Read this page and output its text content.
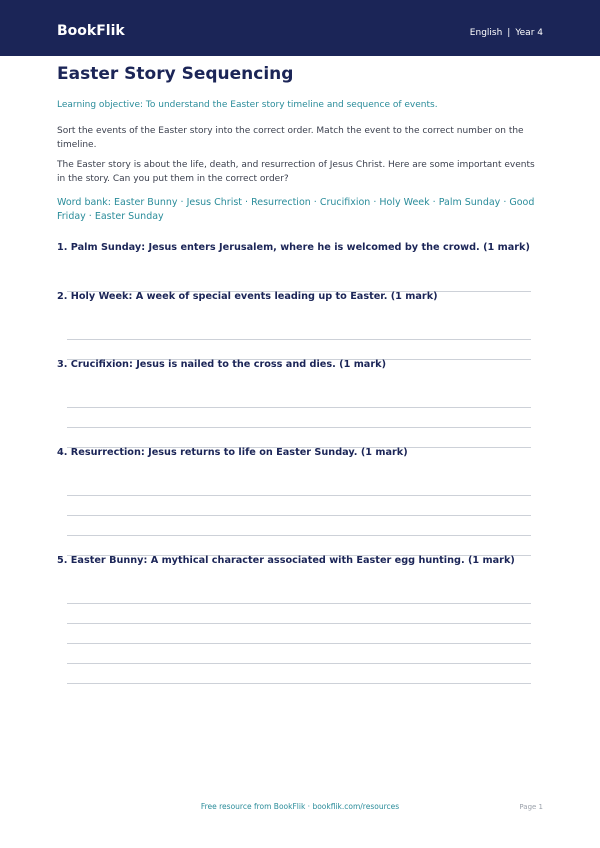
BookFlik	English | Year 4
Easter Story Sequencing
Learning objective: To understand the Easter story timeline and sequence of events.
Sort the events of the Easter story into the correct order. Match the event to the correct number on the timeline.
The Easter story is about the life, death, and resurrection of Jesus Christ. Here are some important events in the story. Can you put them in the correct order?
Word bank: Easter Bunny · Jesus Christ · Resurrection · Crucifixion · Holy Week · Palm Sunday · Good Friday · Easter Sunday
1. Palm Sunday: Jesus enters Jerusalem, where he is welcomed by the crowd. (1 mark)
2. Holy Week: A week of special events leading up to Easter. (1 mark)
3. Crucifixion: Jesus is nailed to the cross and dies. (1 mark)
4. Resurrection: Jesus returns to life on Easter Sunday. (1 mark)
5. Easter Bunny: A mythical character associated with Easter egg hunting. (1 mark)
Free resource from BookFlik · bookflik.com/resources	Page 1
